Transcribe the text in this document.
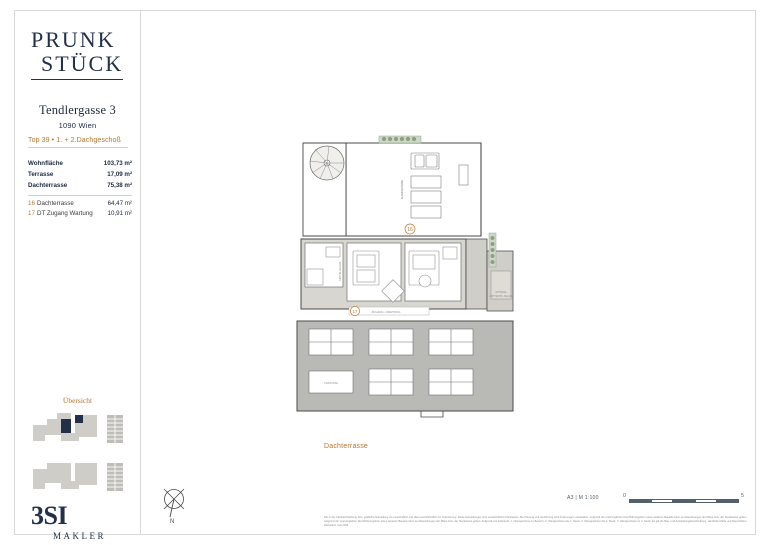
PRUNK
STÜCK
Tendlergasse 3
1090 Wien
Top 39 • 1. + 2.Dachgeschoß
Wohnfläche	103,73 m²
Terrasse	17,09 m²
Dachterrasse	75,38 m²
16 Dachterrasse	64,47 m²
17 DT Zugang Wartung 10,91 m²
Übersicht
3SI
MAKLER
GARDEROBE
16
ABSTELLRAUM
OPTIONAL
LUFTTECHN. ANLAGE
17	ZUGANG • WARTUNG
TERRASSE
Dachterrasse
N
A3 | M 1:100	0	5
Die in der Planbeschreibung bzw. grafische Darstellung ist unverbindlich und dient ausschließlich zur Orientierung. Diese Darstellungen sind unverbindliche Plankopien. Die Planung und Ausführung sind Änderungen vorbehalten. Aufgrund der ursprünglichen Durchführungsform eines weiteren Bauteils kann es Abweichungen der Pläne bzw. der Stockwerke geben. Aufgrund der ursprünglichen Durchführungsform eines weiteren Bauteils kann es Abweichungen der Pläne bzw. der Stockwerke geben. Aufgrund von Fahrstuhl- 1. Obergeschoss im Bereich, 2. Obergeschoss der 1. Stock, 3. Obergeschoss die 2. Stock, 4. Obergeschoss im 3. Stock. Es gilt die Bau- und Ausstattungsbeschreibung, sämtliche Maße und Raumhöhen. Planstand: Juni 2023.
